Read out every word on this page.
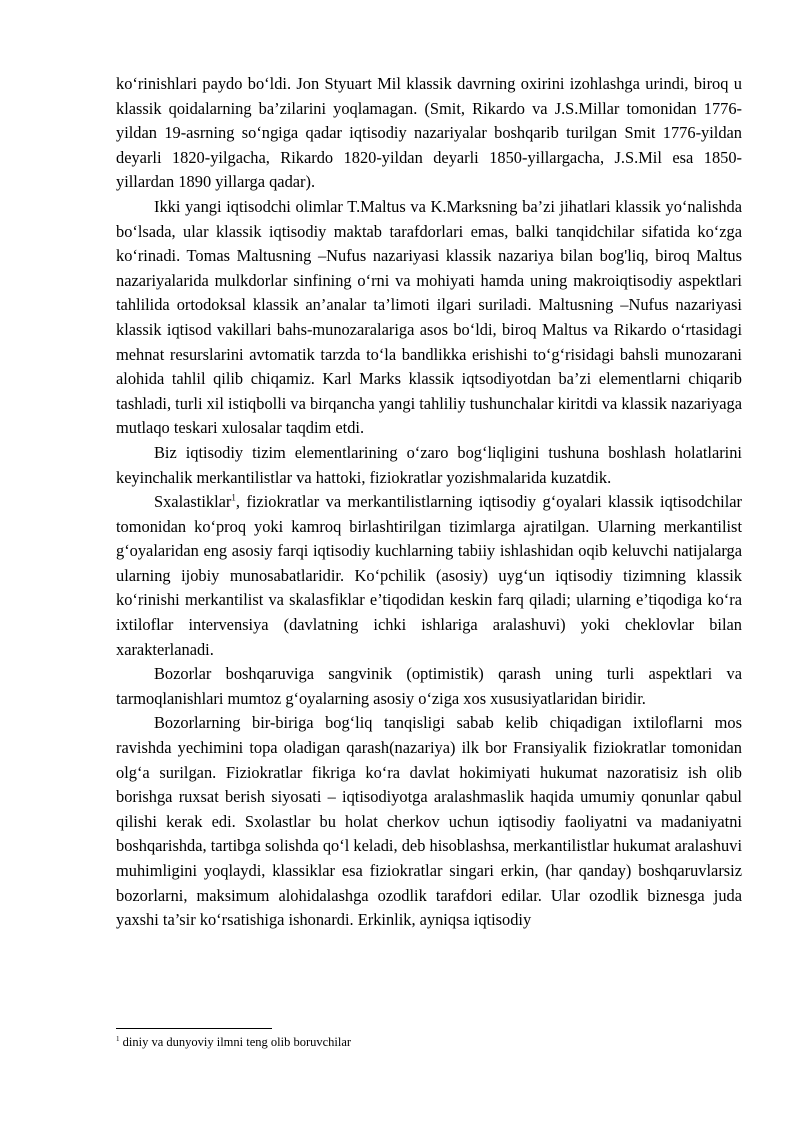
ko‘rinishlari paydo bo‘ldi. Jon Styuart Mil klassik davrning oxirini izohlashga urindi, biroq u klassik qoidalarning ba’zilarini yoqlamagan. (Smit, Rikardo va J.S.Millar tomonidan 1776-yildan 19-asrning so‘ngiga qadar iqtisodiy nazariyalar boshqarib turilgan Smit 1776-yildan deyarli 1820-yilgacha, Rikardo 1820-yildan deyarli 1850-yillargacha, J.S.Mil esa 1850-yillardan 1890 yillarga qadar).

Ikki yangi iqtisodchi olimlar T.Maltus va K.Marksning ba’zi jihatlari klassik yo‘nalishda bo‘lsada, ular klassik iqtisodiy maktab tarafdorlari emas, balki tanqidchilar sifatida ko‘zga ko‘rinadi. Tomas Maltusning –Nufus nazariyasi klassik nazariya bilan bog'liq, biroq Maltus nazariyalarida mulkdorlar sinfining o‘rni va mohiyati hamda uning makroiqtisodiy aspektlari tahlilida ortodoksal klassik an’analar ta’limoti ilgari suriladi. Maltusning –Nufus nazariyasi klassik iqtisod vakillari bahs-munozaralariga asos bo‘ldi, biroq Maltus va Rikardo o‘rtasidagi mehnat resurslarini avtomatik tarzda to‘la bandlikka erishishi to‘g‘risidagi bahsli munozarani alohida tahlil qilib chiqamiz. Karl Marks klassik iqtsodiyotdan ba’zi elementlarni chiqarib tashladi, turli xil istiqbolli va birqancha yangi tahliliy tushunchalar kiritdi va klassik nazariyaga mutlaqo teskari xulosalar taqdim etdi.

Biz iqtisodiy tizim elementlarining o‘zaro bog‘liqligini tushuna boshlash holatlarini keyinchalik merkantilistlar va hattoki, fiziokratlar yozishmalarida kuzatdik.

Sxalastiklar$^1$, fiziokratlar va merkantilistlarning iqtisodiy g‘oyalari klassik iqtisodchilar tomonidan ko‘proq yoki kamroq birlashtirilgan tizimlarga ajratilgan. Ularning merkantilist g‘oyalaridan eng asosiy farqi iqtisodiy kuchlarning tabiiy ishlashidan oqib keluvchi natijalarga ularning ijobiy munosabatlaridir. Ko‘pchilik (asosiy) uyg‘un iqtisodiy tizimning klassik ko‘rinishi merkantilist va skalasfiklar e’tiqodidan keskin farq qiladi; ularning e’tiqodiga ko‘ra ixtiloflar intervensiya (davlatning ichki ishlariga aralashuvi) yoki cheklovlar bilan xarakterlanadi.

Bozorlar boshqaruviga sangvinik (optimistik) qarash uning turli aspektlari va tarmoqlanishlari mumtoz g‘oyalarning asosiy o‘ziga xos xususiyatlaridan biridir.

Bozorlarning bir-biriga bog‘liq tanqisligi sabab kelib chiqadigan ixtiloflarni mos ravishda yechimini topa oladigan qarash(nazariya) ilk bor Fransiyalik fiziokratlar tomonidan olg‘a surilgan. Fiziokratlar fikriga ko‘ra davlat hokimiyati hukumat nazoratisiz ish olib borishga ruxsat berish siyosati – iqtisodiyotga aralashmaslik haqida umumiy qonunlar qabul qilishi kerak edi. Sxolastlar bu holat cherkov uchun iqtisodiy faoliyatni va madaniyatni boshqarishda, tartibga solishda qo‘l keladi, deb hisoblashsa, merkantilistlar hukumat aralashuvi muhimligini yoqlaydi, klassiklar esa fiziokratlar singari erkin, (har qanday) boshqaruvlarsiz bozorlarni, maksimum alohidalashga ozodlik tarafdori edilar. Ular ozodlik biznesga juda yaxshi ta’sir ko‘rsatishiga ishonardi. Erkinlik, ayniqsa iqtisodiy

$^1$ diniy va dunyoviy ilmni teng olib boruvchilar
